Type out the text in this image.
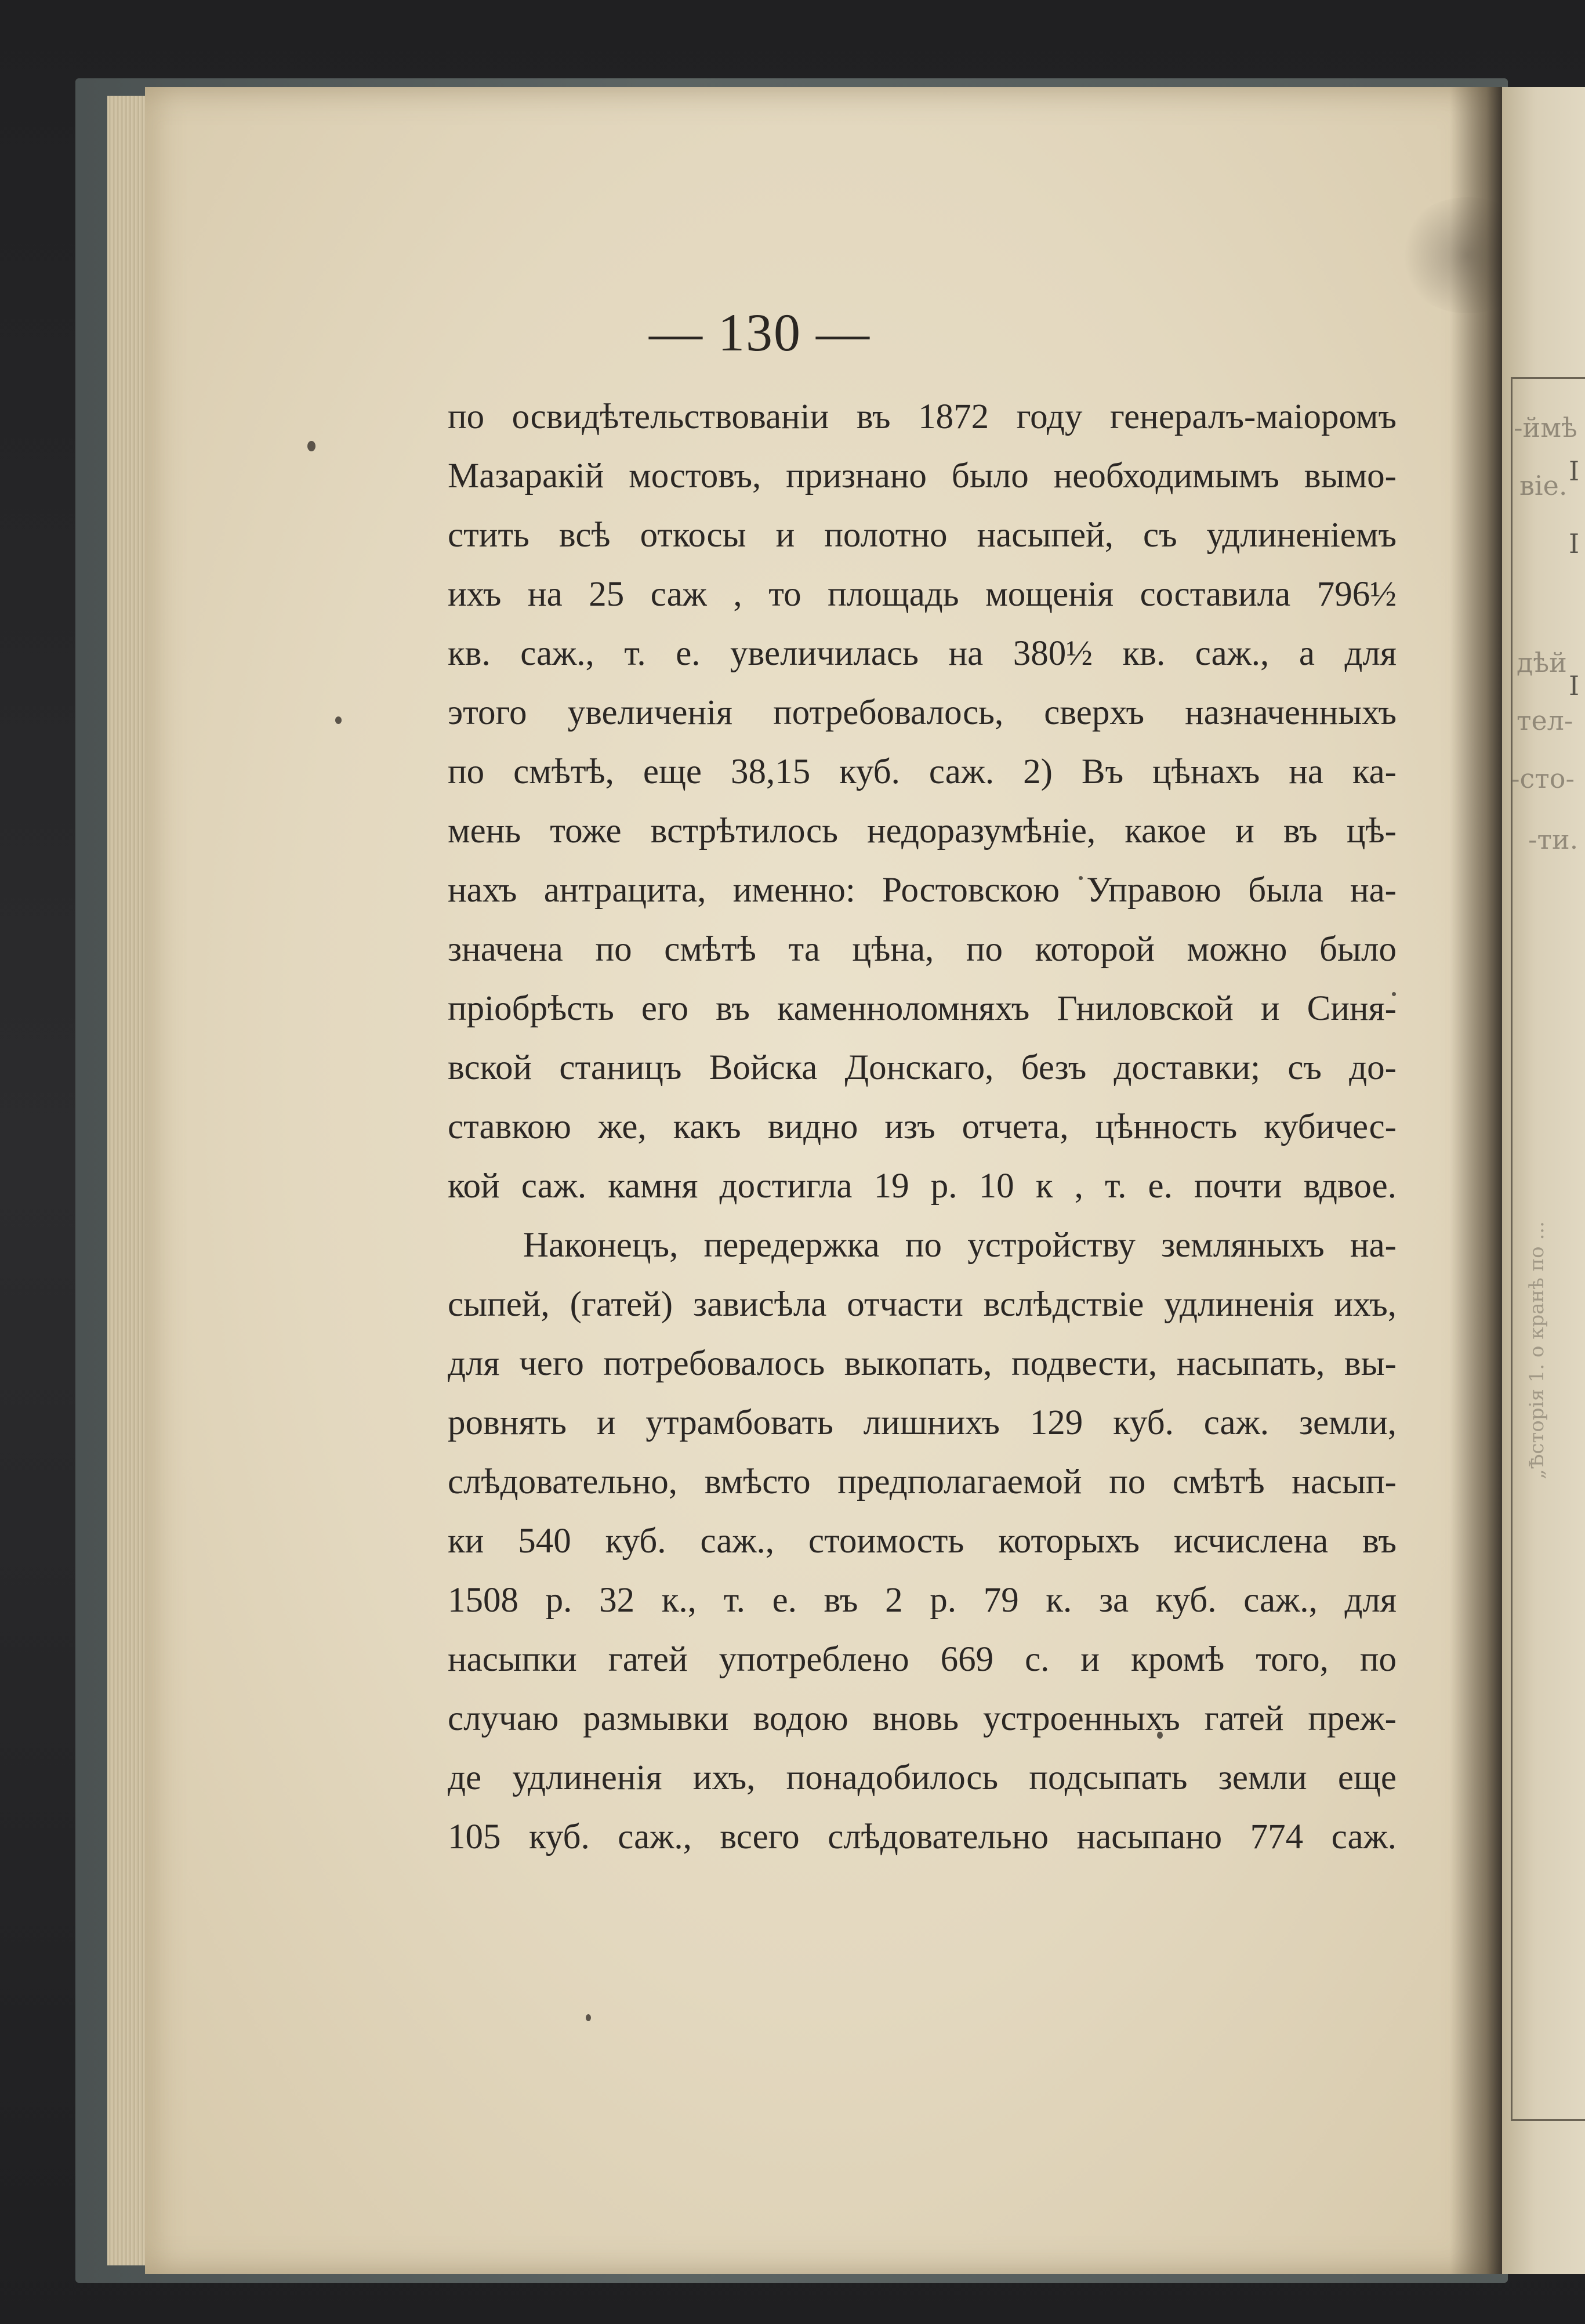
-ймѣ
віе.
дѣй
тел-
-сто-
-ти.
I
I
I
„Ѣсторія 1. о кранѣ по ...
— 130 —
по освидѣтельствованіи въ 1872 году генералъ-маіоромъ
Мазаракій мостовъ, признано было необходимымъ вымо-
стить всѣ откосы и полотно насыпей, съ удлиненіемъ
ихъ на 25 саж , то площадь мощенія составила 796½
кв. саж., т. е. увеличилась на 380½ кв. саж., а для
этого увеличенія потребовалось, сверхъ назначенныхъ
по смѣтѣ, еще 38,15 куб. саж. 2) Въ цѣнахъ на ка-
мень тоже встрѣтилось недоразумѣніе, какое и въ цѣ-
нахъ антрацита, именно: Ростовскою Управою была на-
значена по смѣтѣ та цѣна, по которой можно было
пріобрѣсть его въ каменноломняхъ Гниловской и Синя-
вской станицъ Войска Донскаго, безъ доставки; съ до-
ставкою же, какъ видно изъ отчета, цѣнность кубичес-
кой саж. камня достигла 19 р. 10 к , т. е. почти вдвое.
Наконецъ, передержка по устройству земляныхъ на-
сыпей, (гатей) зависѣла отчасти вслѣдствіе удлиненія ихъ,
для чего потребовалось выкопать, подвести, насыпать, вы-
ровнять и утрамбовать лишнихъ 129 куб. саж. земли,
слѣдовательно, вмѣсто предполагаемой по смѣтѣ насып-
ки 540 куб. саж., стоимость которыхъ исчислена въ
1508 р. 32 к., т. е. въ 2 р. 79 к. за куб. саж., для
насыпки гатей употреблено 669 с. и кромѣ того, по
случаю размывки водою вновь устроенныхъ гатей преж-
де удлиненія ихъ, понадобилось подсыпать земли еще
105 куб. саж., всего слѣдовательно насыпано 774 саж.
